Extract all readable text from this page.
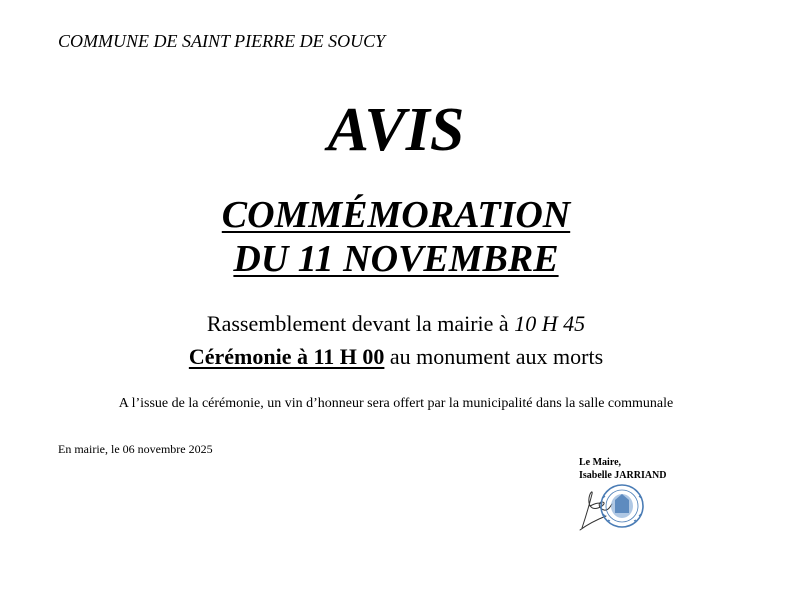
COMMUNE DE SAINT PIERRE DE SOUCY
AVIS
COMMÉMORATION
DU 11 NOVEMBRE
Rassemblement devant la mairie à 10 H 45
Cérémonie à 11 H 00 au monument aux morts
A l’issue de la cérémonie, un vin d’honneur sera offert par la municipalité dans la salle communale
En mairie, le 06 novembre 2025
Le Maire,
Isabelle JARRIAND
